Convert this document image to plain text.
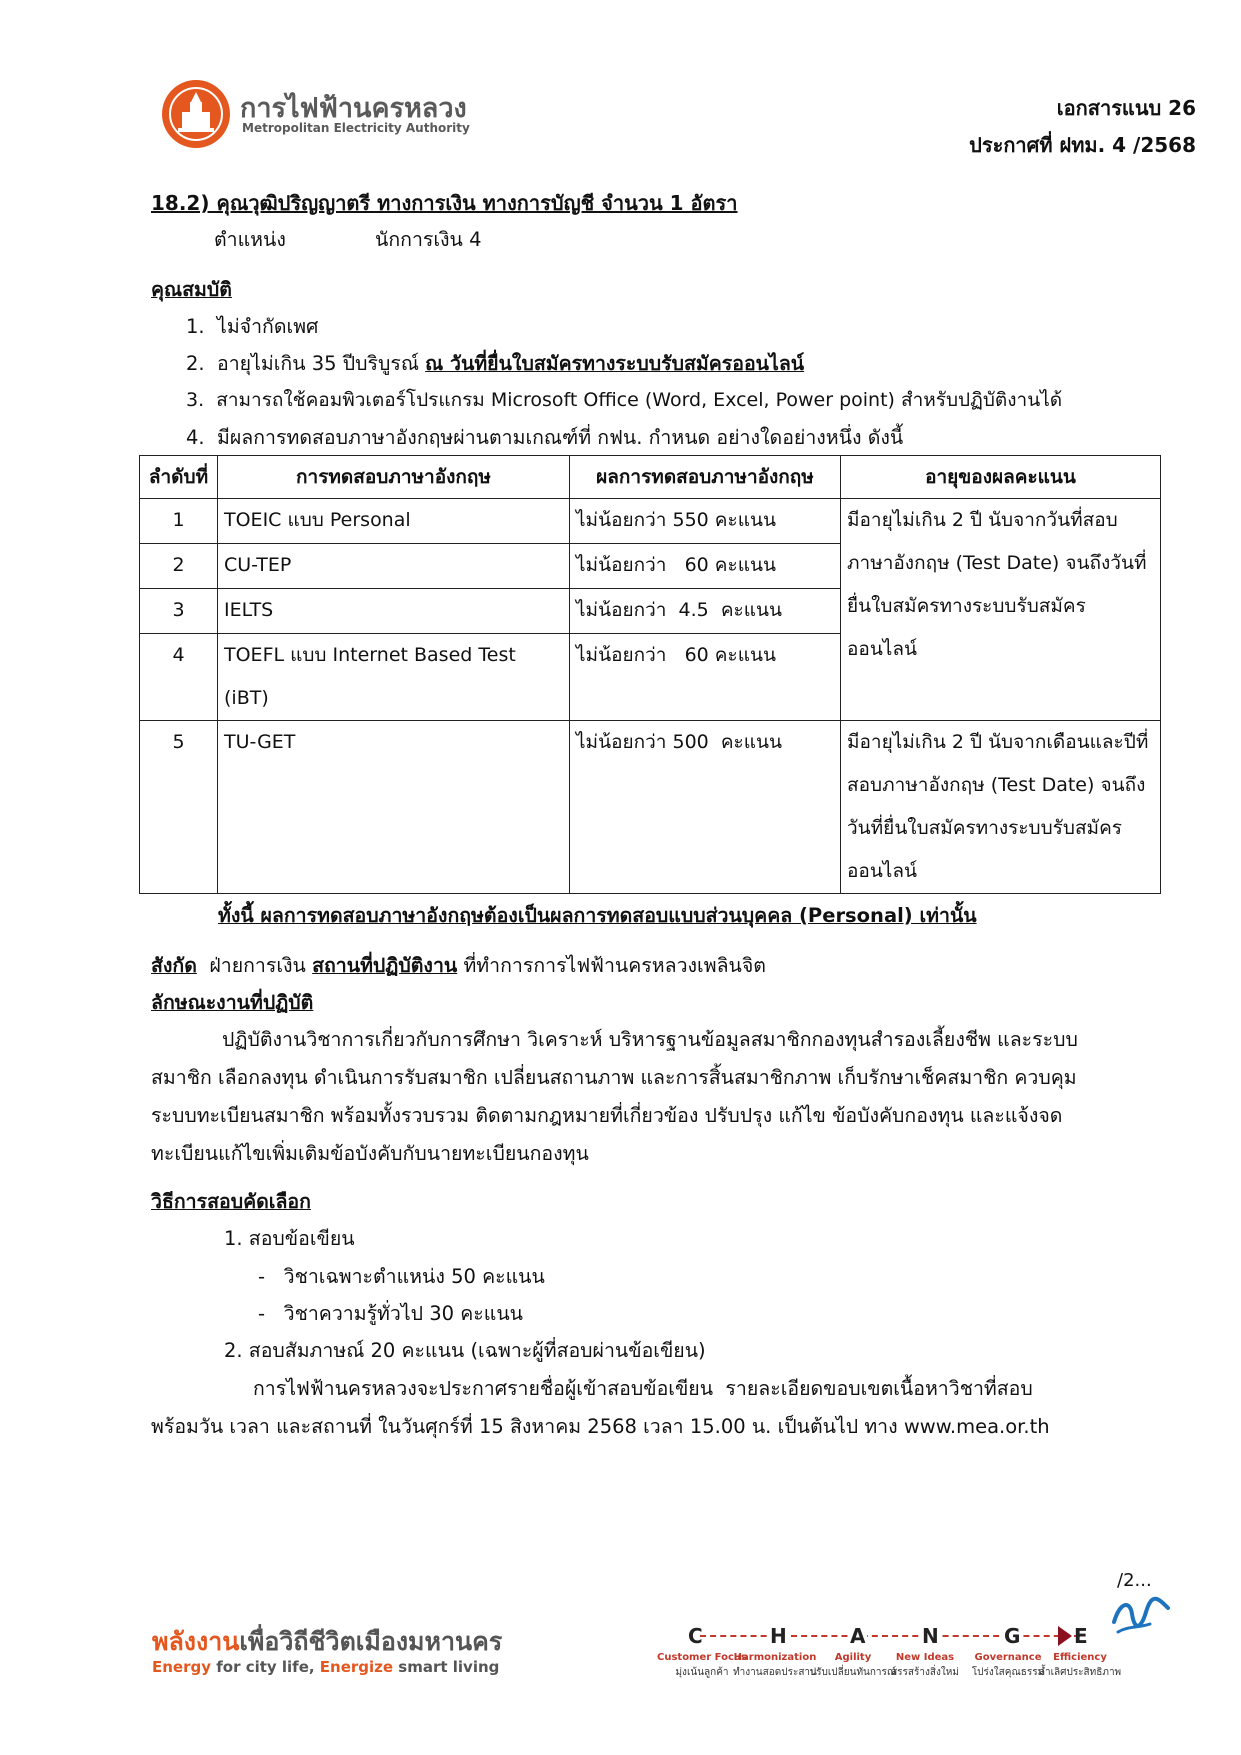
การไฟฟ้านครหลวง
Metropolitan Electricity Authority
เอกสารแนบ 26
ประกาศที่ ฝทม. 4 /2568
18.2) คุณวุฒิปริญญาตรี ทางการเงิน ทางการบัญชี จำนวน 1 อัตรา
ตำแหน่ง	นักการเงิน 4
คุณสมบัติ
1. ไม่จำกัดเพศ
2. อายุไม่เกิน 35 ปีบริบูรณ์ ณ วันที่ยื่นใบสมัครทางระบบรับสมัครออนไลน์
3. สามารถใช้คอมพิวเตอร์โปรแกรม Microsoft Office (Word, Excel, Power point) สำหรับปฏิบัติงานได้
4. มีผลการทดสอบภาษาอังกฤษผ่านตามเกณฑ์ที่ กฟน. กำหนด อย่างใดอย่างหนึ่ง ดังนี้
ลำดับที่	การทดสอบภาษาอังกฤษ	ผลการทดสอบภาษาอังกฤษ	อายุของผลคะแนน
1	TOEIC แบบ Personal	ไม่น้อยกว่า 550 คะแนน	มีอายุไม่เกิน 2 ปี นับจากวันที่สอบภาษาอังกฤษ (Test Date) จนถึงวันที่ยื่นใบสมัครทางระบบรับสมัครออนไลน์
2	CU-TEP	ไม่น้อยกว่า   60 คะแนน	
3	IELTS	ไม่น้อยกว่า  4.5  คะแนน	
4	TOEFL แบบ Internet Based Test (iBT)	ไม่น้อยกว่า   60 คะแนน	
5	TU-GET	ไม่น้อยกว่า 500  คะแนน	มีอายุไม่เกิน 2 ปี นับจากเดือนและปีที่สอบภาษาอังกฤษ (Test Date) จนถึงวันที่ยื่นใบสมัครทางระบบรับสมัครออนไลน์
ทั้งนี้ ผลการทดสอบภาษาอังกฤษต้องเป็นผลการทดสอบแบบส่วนบุคคล (Personal) เท่านั้น
สังกัด ฝ่ายการเงิน สถานที่ปฏิบัติงาน ที่ทำการการไฟฟ้านครหลวงเพลินจิต
ลักษณะงานที่ปฏิบัติ
ปฏิบัติงานวิชาการเกี่ยวกับการศึกษา วิเคราะห์ บริหารฐานข้อมูลสมาชิกกองทุนสำรองเลี้ยงชีพ และระบบ
สมาชิก เลือกลงทุน ดำเนินการรับสมาชิก เปลี่ยนสถานภาพ และการสิ้นสมาชิกภาพ เก็บรักษาเช็คสมาชิก ควบคุม
ระบบทะเบียนสมาชิก พร้อมทั้งรวบรวม ติดตามกฎหมายที่เกี่ยวข้อง ปรับปรุง แก้ไข ข้อบังคับกองทุน และแจ้งจด
ทะเบียนแก้ไขเพิ่มเติมข้อบังคับกับนายทะเบียนกองทุน
วิธีการสอบคัดเลือก
1. สอบข้อเขียน
-   วิชาเฉพาะตำแหน่ง 50 คะแนน
-   วิชาความรู้ทั่วไป 30 คะแนน
2. สอบสัมภาษณ์ 20 คะแนน (เฉพาะผู้ที่สอบผ่านข้อเขียน)
การไฟฟ้านครหลวงจะประกาศรายชื่อผู้เข้าสอบข้อเขียน  รายละเอียดขอบเขตเนื้อหาวิชาที่สอบ
พร้อมวัน เวลา และสถานที่ ในวันศุกร์ที่ 15 สิงหาคม 2568 เวลา 15.00 น. เป็นต้นไป ทาง www.mea.or.th
/2...
พลังงานเพื่อวิถีชีวิตเมืองมหานคร
Energy for city life, Energize smart living
C
Customer Focus
มุ่งเน้นลูกค้า
H
Harmonization
ทำงานสอดประสาน
A
Agility
ปรับเปลี่ยนทันการณ์
N
New Ideas
สรรสร้างสิ่งใหม่
G
Governance
โปร่งใสคุณธรรม
E
Efficiency
ล้ำเลิศประสิทธิภาพ
